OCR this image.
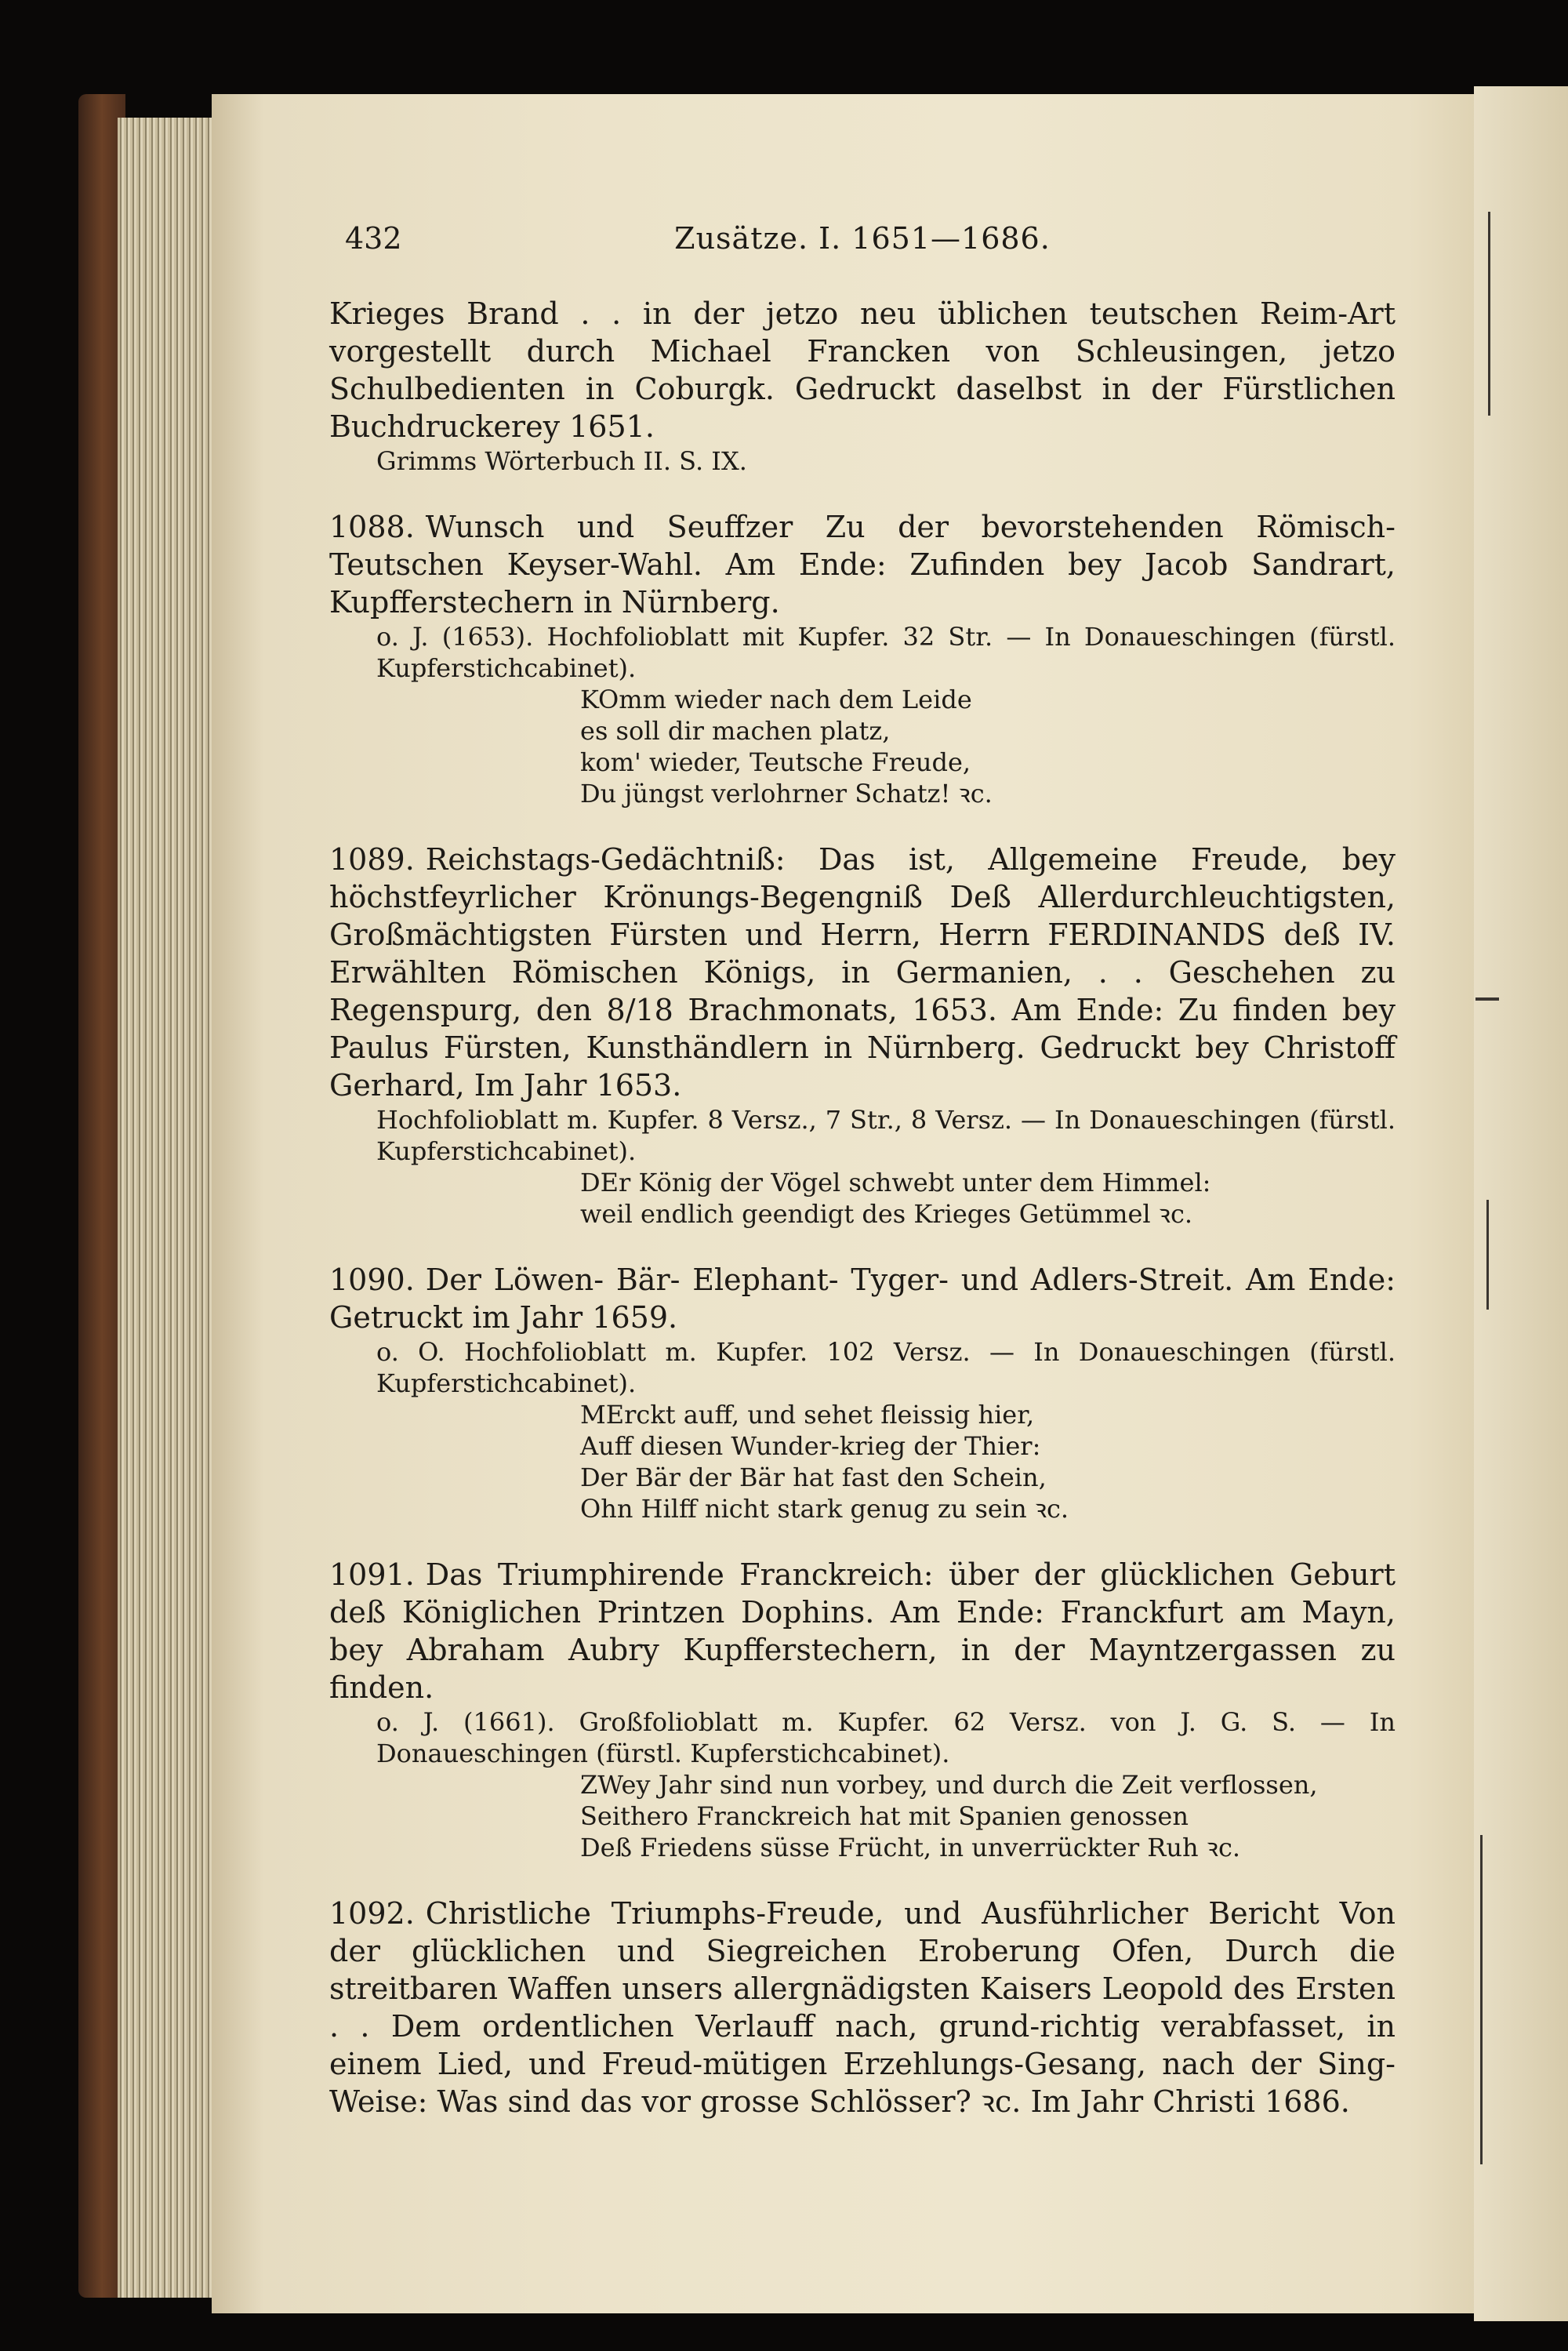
432	Zusätze. I. 1651—1686.
Krieges Brand . . in der jetzo neu üblichen teutschen Reim-Art vorgestellt durch Michael Francken von Schleusingen, jetzo Schulbedienten in Coburgk. Gedruckt daselbst in der Fürstlichen Buchdruckerey 1651.
Grimms Wörterbuch II. S. IX.
1088. Wunsch und Seuffzer Zu der bevorstehenden Römisch-Teutschen Keyser-Wahl. Am Ende: Zufinden bey Jacob Sandrart, Kupfferstechern in Nürnberg.
o. J. (1653). Hochfolioblatt mit Kupfer. 32 Str. — In Donaueschingen (fürstl. Kupferstichcabinet).
KOmm wieder nach dem Leide
es soll dir machen platz,
kom' wieder, Teutsche Freude,
Du jüngst verlohrner Schatz! ꝛc.
1089. Reichstags-Gedächtniß: Das ist, Allgemeine Freude, bey höchstfeyrlicher Krönungs-Begengniß Deß Allerdurchleuchtigsten, Großmächtigsten Fürsten und Herrn, Herrn FERDINANDS deß IV. Erwählten Römischen Königs, in Germanien, . . Geschehen zu Regenspurg, den 8/18 Brachmonats, 1653. Am Ende: Zu finden bey Paulus Fürsten, Kunsthändlern in Nürnberg. Gedruckt bey Christoff Gerhard, Im Jahr 1653.
Hochfolioblatt m. Kupfer. 8 Versz., 7 Str., 8 Versz. — In Donaueschingen (fürstl. Kupferstichcabinet).
DEr König der Vögel schwebt unter dem Himmel:
weil endlich geendigt des Krieges Getümmel ꝛc.
1090. Der Löwen- Bär- Elephant- Tyger- und Adlers-Streit. Am Ende: Getruckt im Jahr 1659.
o. O. Hochfolioblatt m. Kupfer. 102 Versz. — In Donaueschingen (fürstl. Kupferstichcabinet).
MErckt auff, und sehet fleissig hier,
Auff diesen Wunder-krieg der Thier:
Der Bär der Bär hat fast den Schein,
Ohn Hilff nicht stark genug zu sein ꝛc.
1091. Das Triumphirende Franckreich: über der glücklichen Geburt deß Königlichen Printzen Dophins. Am Ende: Franckfurt am Mayn, bey Abraham Aubry Kupfferstechern, in der Mayntzergassen zu finden.
o. J. (1661). Großfolioblatt m. Kupfer. 62 Versz. von J. G. S. — In Donaueschingen (fürstl. Kupferstichcabinet).
ZWey Jahr sind nun vorbey, und durch die Zeit verflossen,
Seithero Franckreich hat mit Spanien genossen
Deß Friedens süsse Frücht, in unverrückter Ruh ꝛc.
1092. Christliche Triumphs-Freude, und Ausführlicher Bericht Von der glücklichen und Siegreichen Eroberung Ofen, Durch die streitbaren Waffen unsers allergnädigsten Kaisers Leopold des Ersten . . Dem ordentlichen Verlauff nach, grund-richtig verabfasset, in einem Lied, und Freud-mütigen Erzehlungs-Gesang, nach der Sing-Weise: Was sind das vor grosse Schlösser? ꝛc. Im Jahr Christi 1686.
